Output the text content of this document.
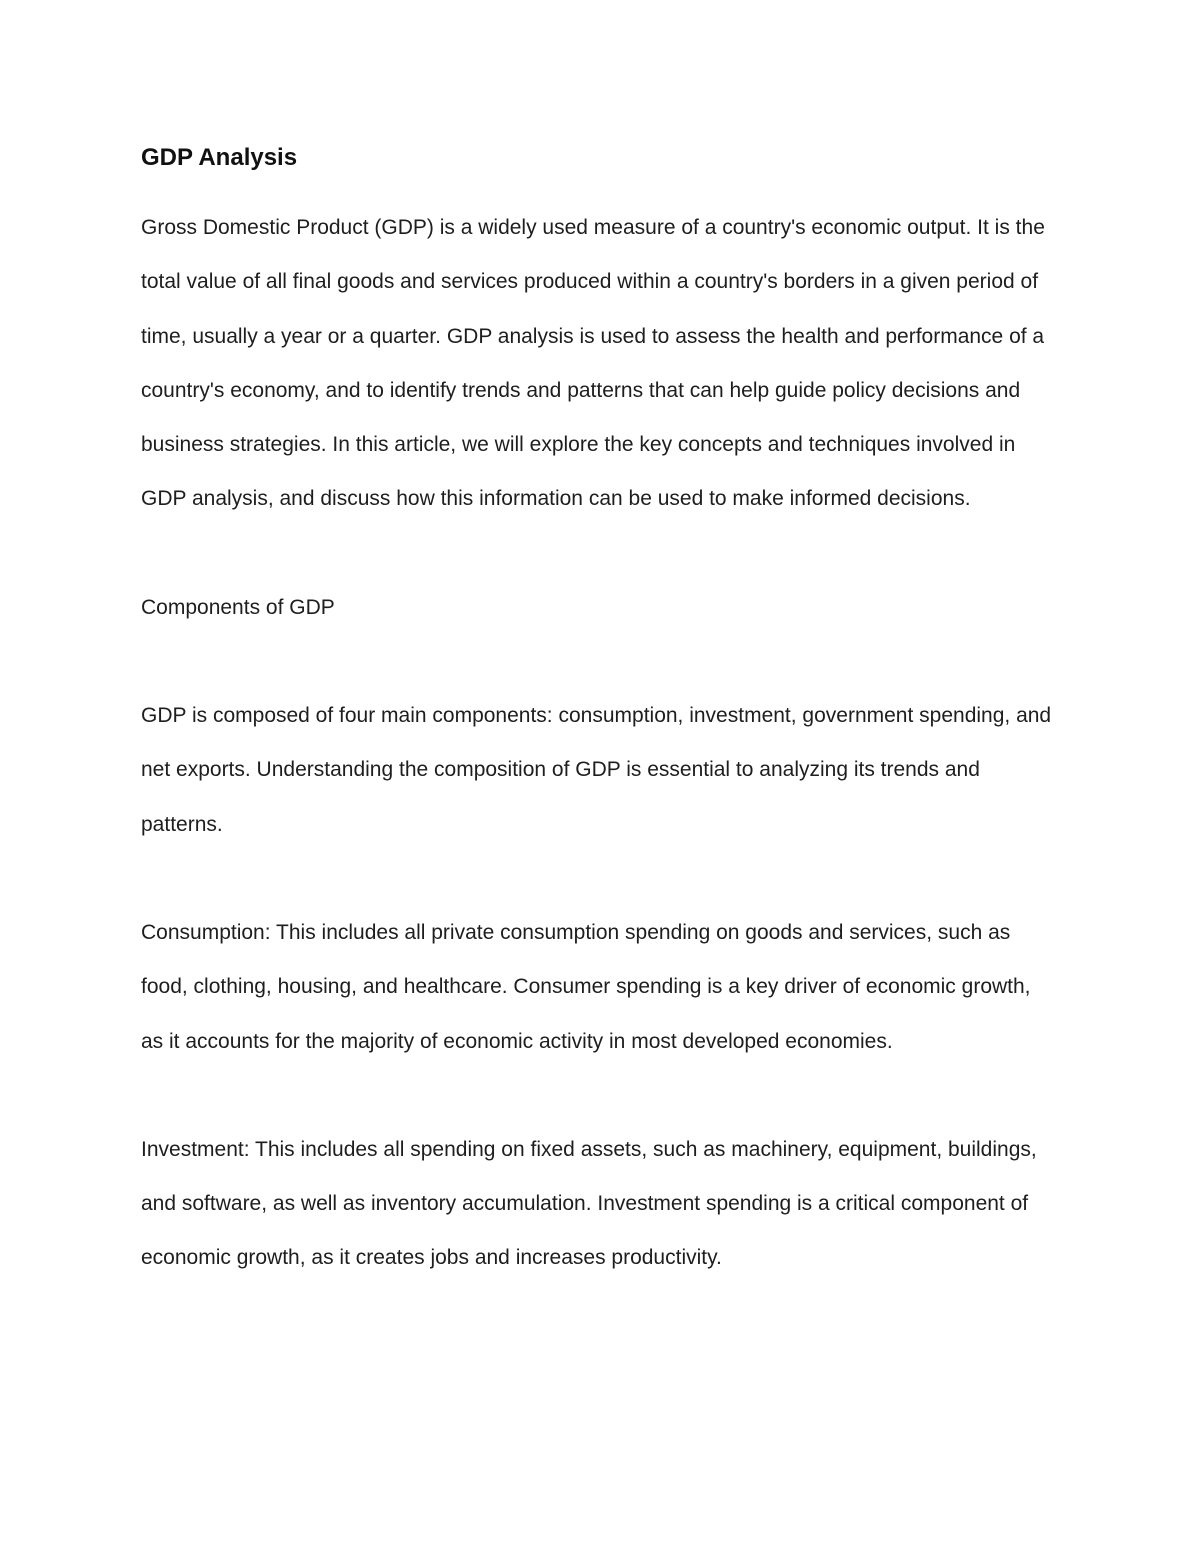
GDP Analysis

Gross Domestic Product (GDP) is a widely used measure of a country's economic output. It is the total value of all final goods and services produced within a country's borders in a given period of time, usually a year or a quarter. GDP analysis is used to assess the health and performance of a country's economy, and to identify trends and patterns that can help guide policy decisions and business strategies. In this article, we will explore the key concepts and techniques involved in GDP analysis, and discuss how this information can be used to make informed decisions.

Components of GDP

GDP is composed of four main components: consumption, investment, government spending, and net exports. Understanding the composition of GDP is essential to analyzing its trends and patterns.

Consumption: This includes all private consumption spending on goods and services, such as food, clothing, housing, and healthcare. Consumer spending is a key driver of economic growth, as it accounts for the majority of economic activity in most developed economies.

Investment: This includes all spending on fixed assets, such as machinery, equipment, buildings, and software, as well as inventory accumulation. Investment spending is a critical component of economic growth, as it creates jobs and increases productivity.
